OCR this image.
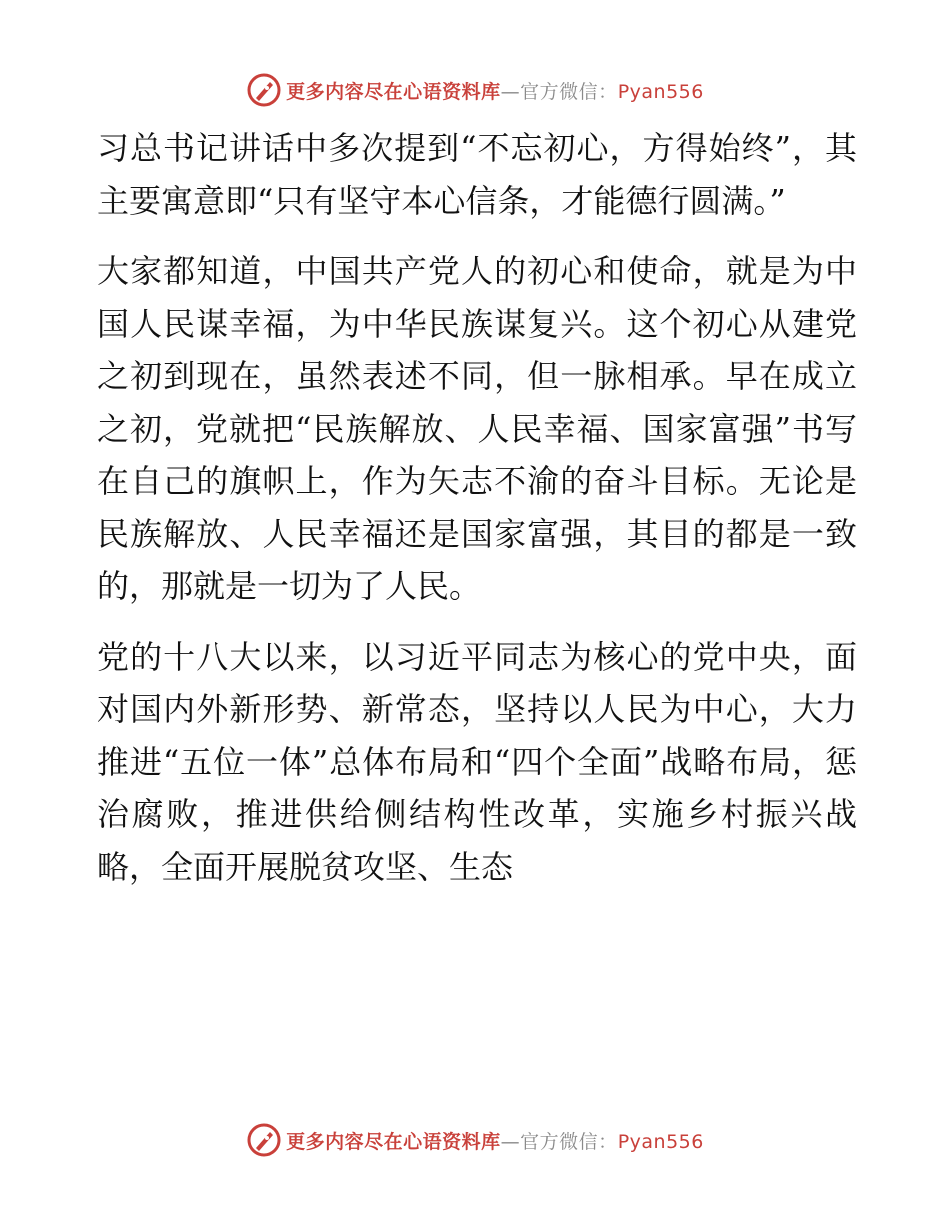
更多内容尽在心语资料库—官方微信：Pyan556

习总书记讲话中多次提到“不忘初心，方得始终”，其主要寓意即“只有坚守本心信条，才能德行圆满。”

大家都知道，中国共产党人的初心和使命，就是为中国人民谋幸福，为中华民族谋复兴。这个初心从建党之初到现在，虽然表述不同，但一脉相承。早在成立之初，党就把“民族解放、人民幸福、国家富强”书写在自己的旗帜上，作为矢志不渝的奋斗目标。无论是民族解放、人民幸福还是国家富强，其目的都是一致的，那就是一切为了人民。

党的十八大以来，以习近平同志为核心的党中央，面对国内外新形势、新常态，坚持以人民为中心，大力推进“五位一体”总体布局和“四个全面”战略布局，惩治腐败，推进供给侧结构性改革，实施乡村振兴战略，全面开展脱贫攻坚、生态

更多内容尽在心语资料库—官方微信：Pyan556
